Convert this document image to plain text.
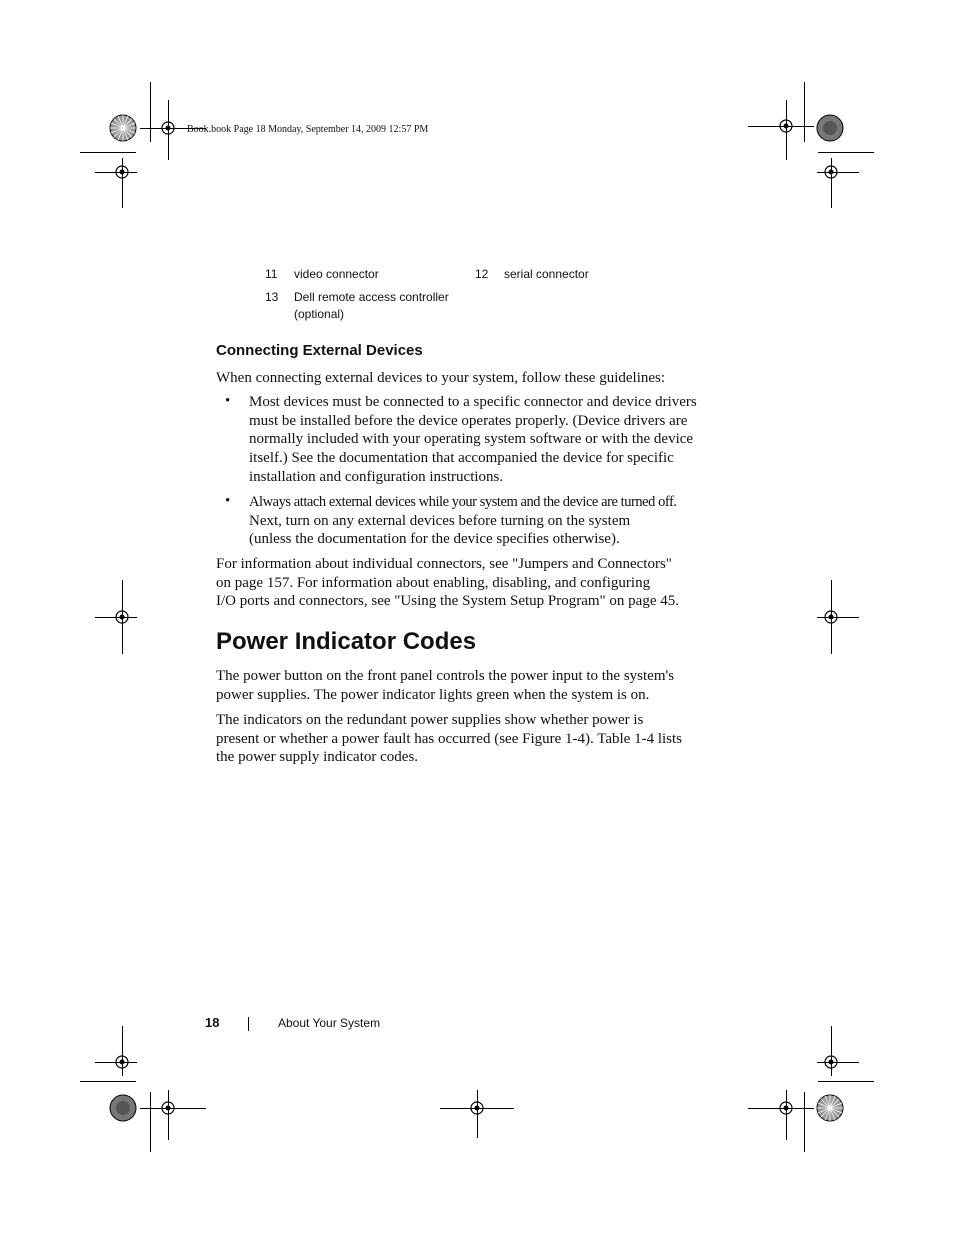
Book.book Page 18 Monday, September 14, 2009 12:57 PM
11 video connector	12 serial connector
13 Dell remote access controller
(optional)
Connecting External Devices
When connecting external devices to your system, follow these guidelines:
• Most devices must be connected to a specific connector and device drivers
must be installed before the device operates properly. (Device drivers are
normally included with your operating system software or with the device
itself.) See the documentation that accompanied the device for specific
installation and configuration instructions.
• Always attach external devices while your system and the device are turned off.
Next, turn on any external devices before turning on the system
(unless the documentation for the device specifies otherwise).
For information about individual connectors, see "Jumpers and Connectors"
on page 157. For information about enabling, disabling, and configuring
I/O ports and connectors, see "Using the System Setup Program" on page 45.
Power Indicator Codes
The power button on the front panel controls the power input to the system's
power supplies. The power indicator lights green when the system is on.
The indicators on the redundant power supplies show whether power is
present or whether a power fault has occurred (see Figure 1-4). Table 1-4 lists
the power supply indicator codes.
18	About Your System
